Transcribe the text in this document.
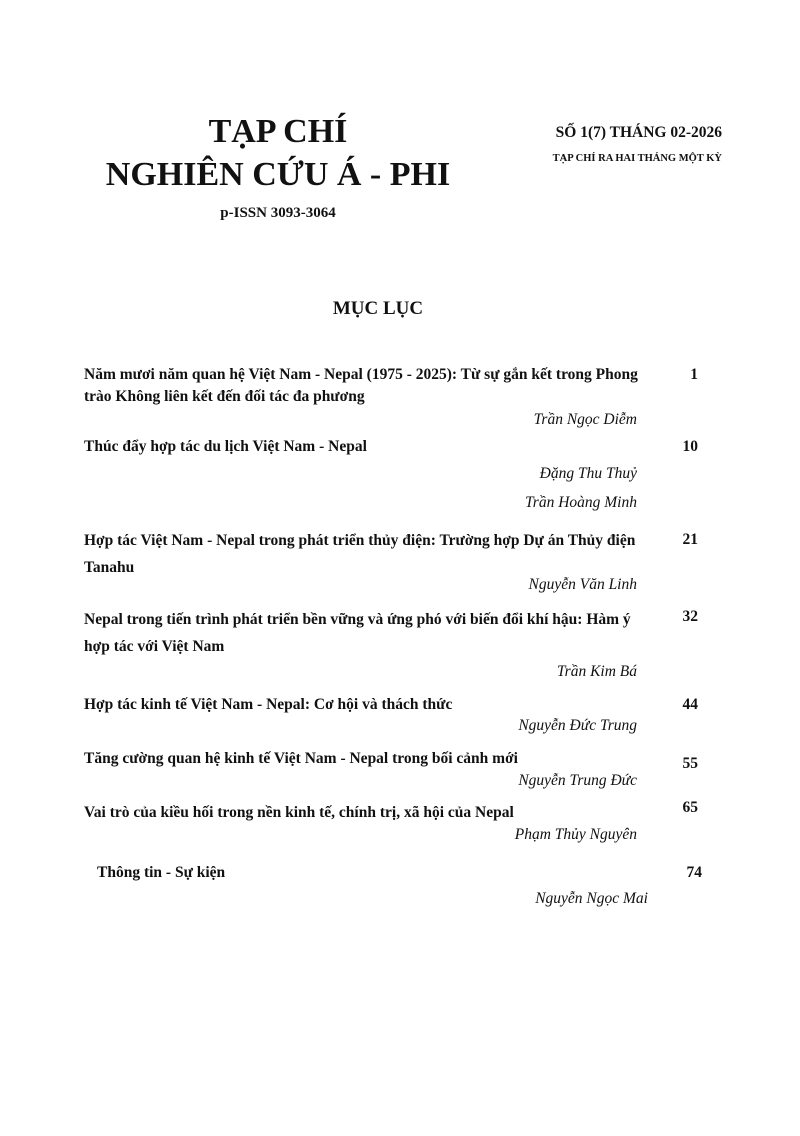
TẠP CHÍ
NGHIÊN CỨU Á - PHI
p-ISSN 3093-3064
SỐ 1(7) THÁNG 02-2026
TẠP CHÍ RA HAI THÁNG MỘT KỲ
MỤC LỤC
Năm mươi năm quan hệ Việt Nam - Nepal (1975 - 2025): Từ sự gắn kết trong Phong trào Không liên kết đến đối tác đa phương
1
Trần Ngọc Diễm
Thúc đẩy hợp tác du lịch Việt Nam - Nepal	10
Đặng Thu Thuỷ
Trần Hoàng Minh
Hợp tác Việt Nam - Nepal trong phát triển thủy điện: Trường hợp Dự án Thủy điện Tanahu
21
Nguyễn Văn Linh
Nepal trong tiến trình phát triển bền vững và ứng phó với biến đổi khí hậu: Hàm ý hợp tác với Việt Nam
32
Trần Kim Bá
Hợp tác kinh tế Việt Nam - Nepal: Cơ hội và thách thức	44
Nguyễn Đức Trung
Tăng cường quan hệ kinh tế Việt Nam - Nepal trong bối cảnh mới	55
Nguyễn Trung Đức
Vai trò của kiều hối trong nền kinh tế, chính trị, xã hội của Nepal	65
Phạm Thủy Nguyên
Thông tin - Sự kiện	74
Nguyễn Ngọc Mai
